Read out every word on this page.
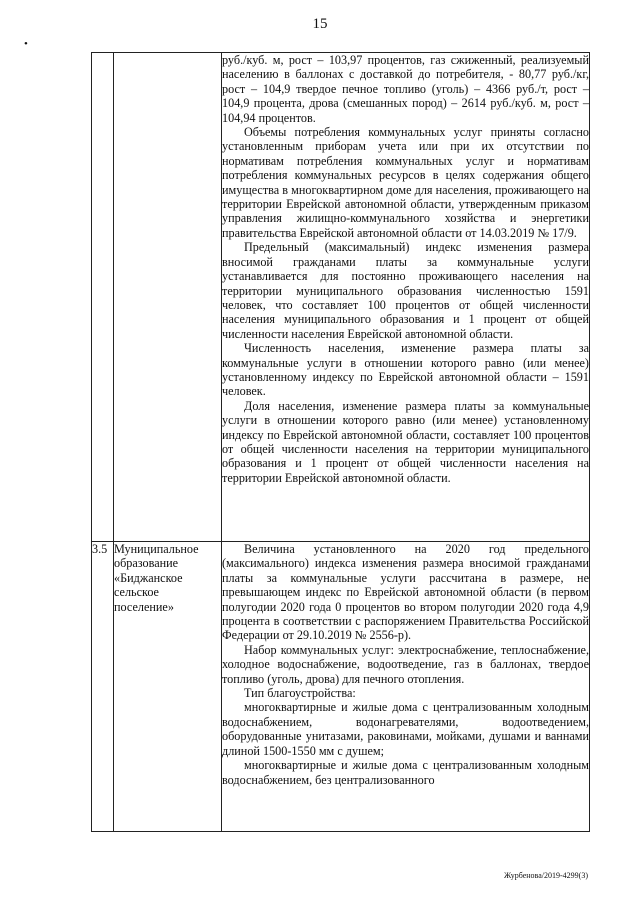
15
•

		руб./куб. м, рост – 103,97 процентов, газ сжиженный, реализуемый населению в баллонах с доставкой до потребителя, - 80,77 руб./кг, рост – 104,9 твердое печное топливо (уголь) – 4366 руб./т, рост – 104,9 процента, дрова (смешанных пород) – 2614 руб./куб. м, рост – 104,94 процентов.

Объемы потребления коммунальных услуг приняты согласно установленным приборам учета или при их отсутствии по нормативам потребления коммунальных услуг и нормативам потребления коммунальных ресурсов в целях содержания общего имущества в многоквартирном доме для населения, проживающего на территории Еврейской автономной области, утвержденным приказом управления жилищно-коммунального хозяйства и энергетики правительства Еврейской автономной области от 14.03.2019 № 17/9.

Предельный (максимальный) индекс изменения размера вносимой гражданами платы за коммунальные услуги устанавливается для постоянно проживающего населения на территории муниципального образования численностью 1591 человек, что составляет 100 процентов от общей численности населения муниципального образования и 1 процент от общей численности населения Еврейской автономной области.

Численность населения, изменение размера платы за коммунальные услуги в отношении которого равно (или менее) установленному индексу по Еврейской автономной области – 1591 человек.

Доля населения, изменение размера платы за коммунальные услуги в отношении которого равно (или менее) установленному индексу по Еврейской автономной области, составляет 100 процентов от общей численности населения на территории муниципального образования и 1 процент от общей численности населения на территории Еврейской автономной области.

3.5	Муниципальное образование «Биджанское сельское поселение»	Величина установленного на 2020 год предельного (максимального) индекса изменения размера вносимой гражданами платы за коммунальные услуги рассчитана в размере, не превышающем индекс по Еврейской автономной области (в первом полугодии 2020 года 0 процентов во втором полугодии 2020 года 4,9 процента в соответствии с распоряжением Правительства Российской Федерации от 29.10.2019 № 2556-р).

Набор коммунальных услуг: электроснабжение, теплоснабжение, холодное водоснабжение, водоотведение, газ в баллонах, твердое топливо (уголь, дрова) для печного отопления.

Тип благоустройства:

многоквартирные и жилые дома с централизованным холодным водоснабжением, водонагревателями, водоотведением, оборудованные унитазами, раковинами, мойками, душами и ваннами длиной 1500-1550 мм с душем;

многоквартирные и жилые дома с централизованным холодным водоснабжением, без централизованного

Журбенова/2019-4299(3)
